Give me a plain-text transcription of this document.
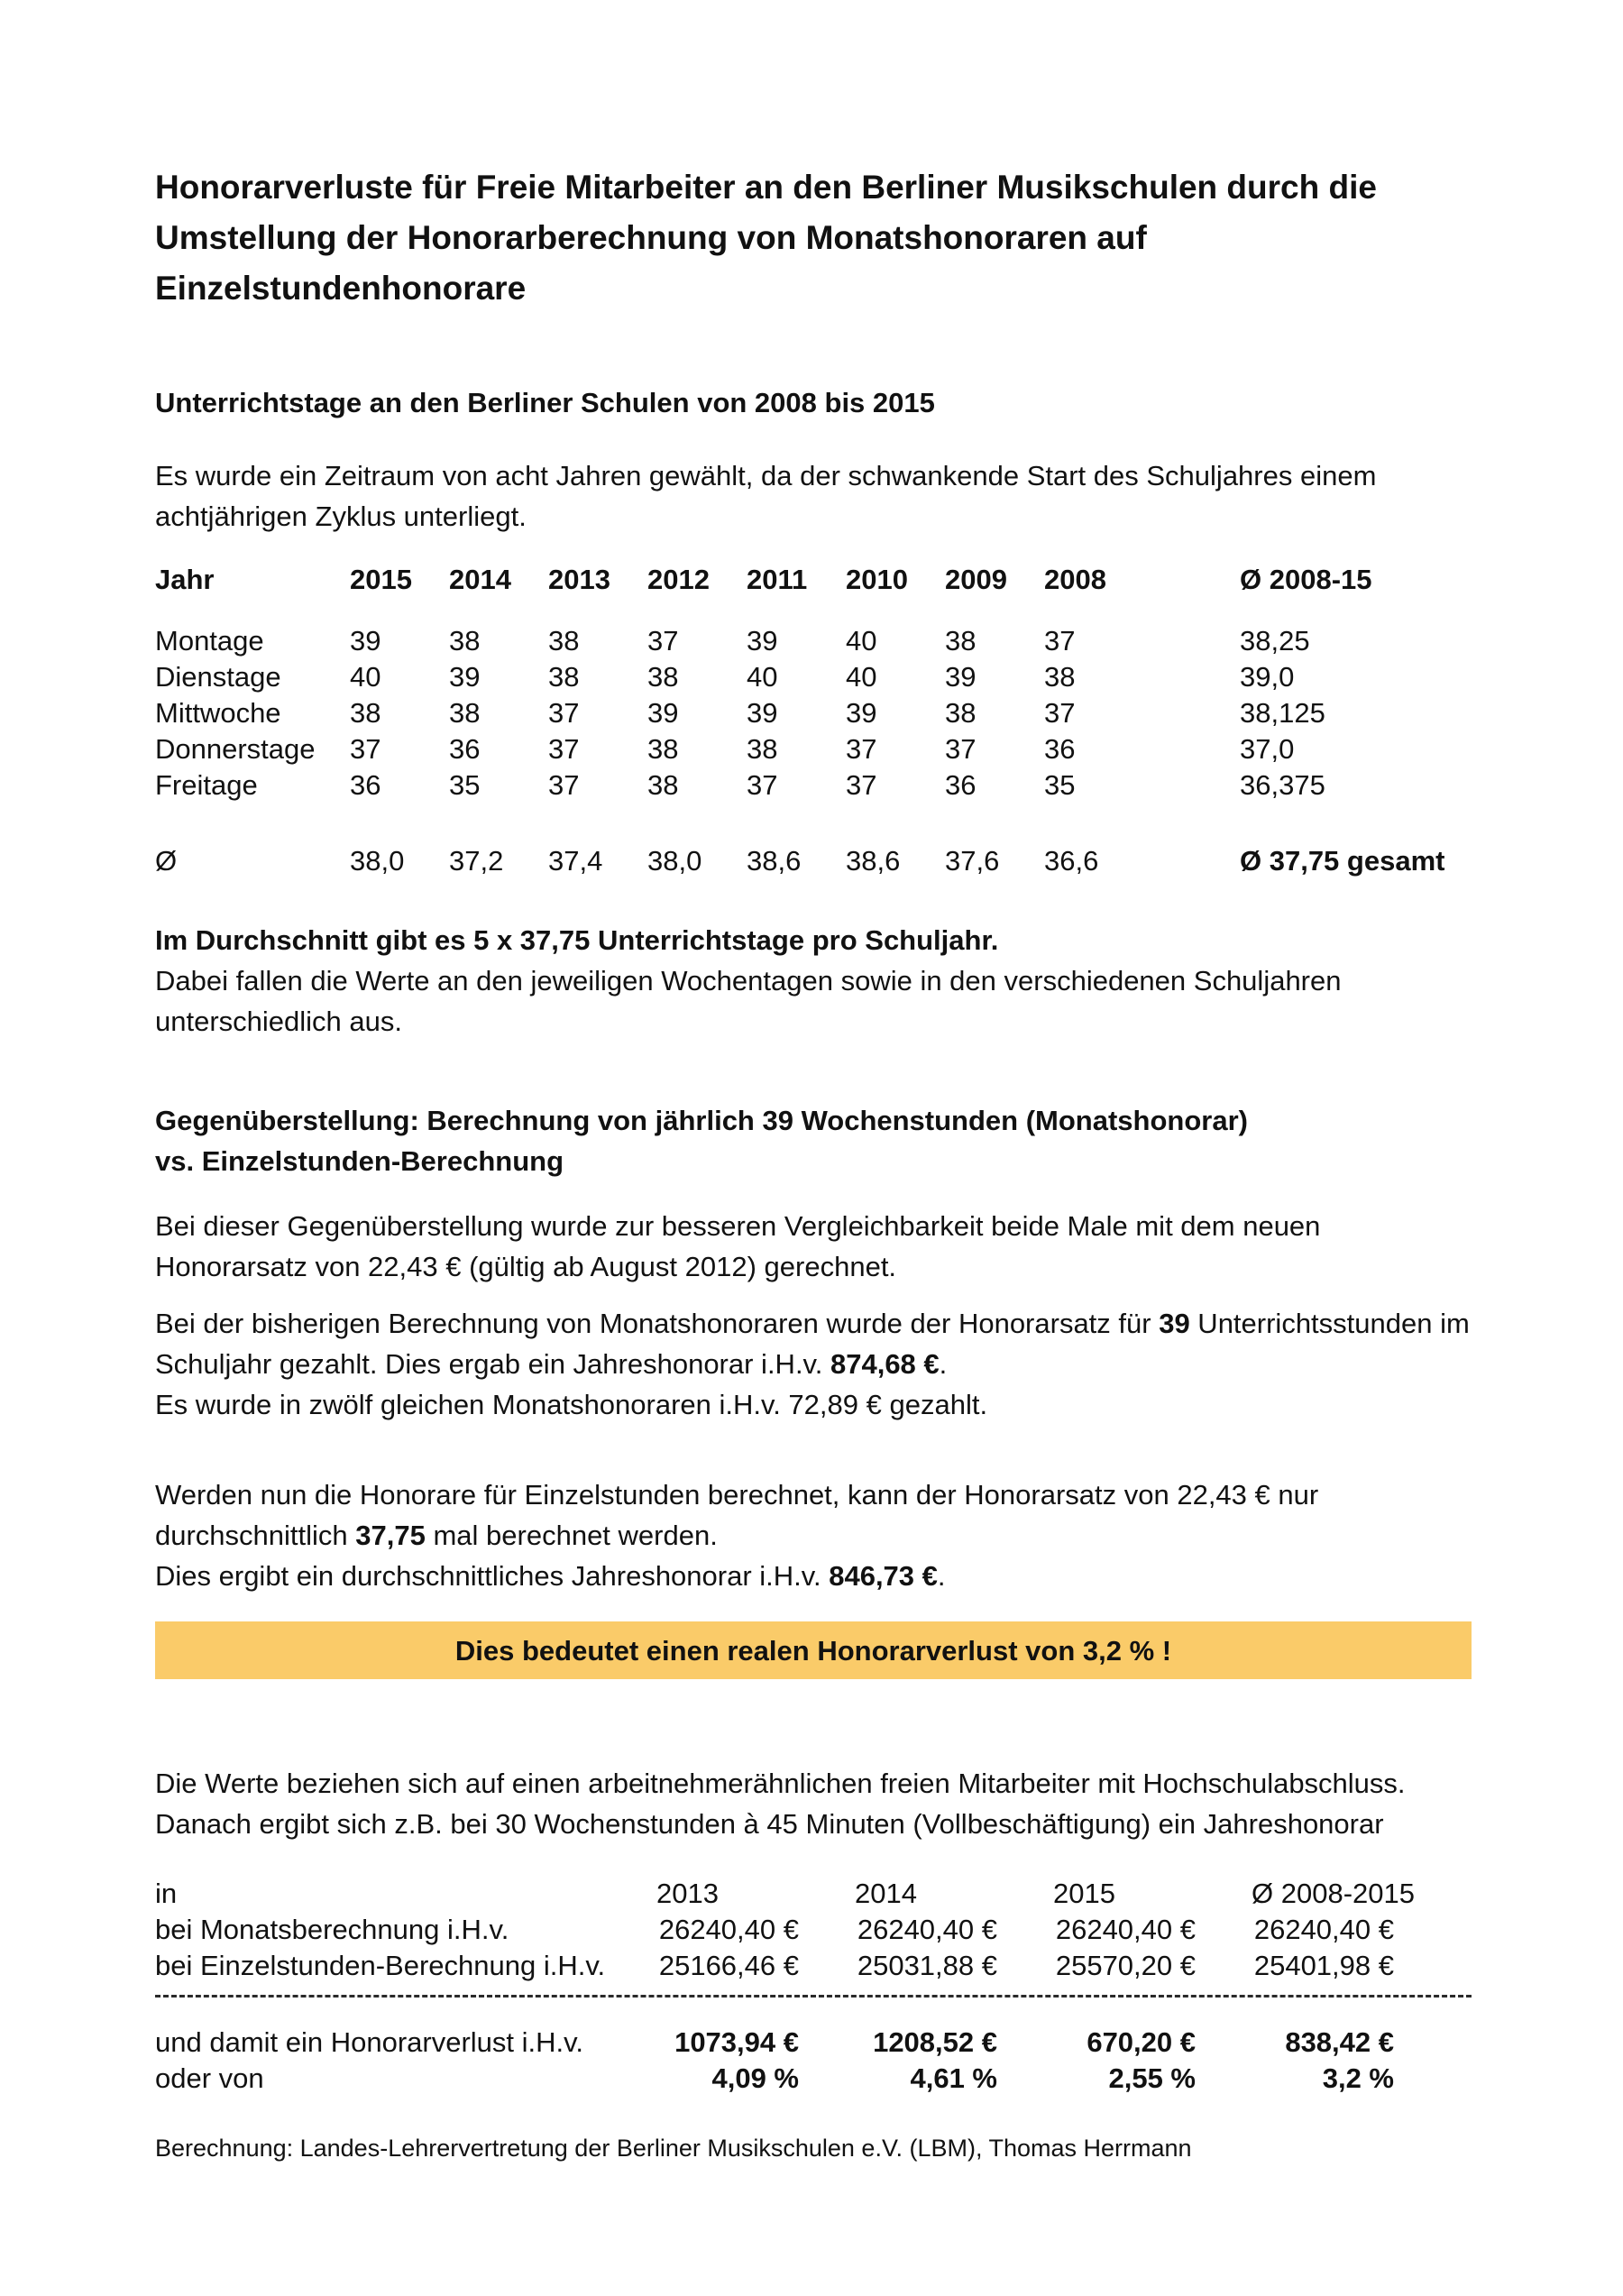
Honorarverluste für Freie Mitarbeiter an den Berliner Musikschulen durch die
Umstellung der Honorarberechnung von Monatshonoraren auf
Einzelstundenhonorare
Unterrichtstage an den Berliner Schulen von 2008 bis 2015
Es wurde ein Zeitraum von acht Jahren gewählt, da der schwankende Start des Schuljahres einem achtjährigen Zyklus unterliegt.
Jahr	2015	2014	2013	2012	2011	2010	2009	2008	Ø 2008-15
Montage	39	38	38	37	39	40	38	37	38,25
Dienstage	40	39	38	38	40	40	39	38	39,0
Mittwoche	38	38	37	39	39	39	38	37	38,125
Donnerstage	37	36	37	38	38	37	37	36	37,0
Freitage	36	35	37	38	37	37	36	35	36,375
Ø	38,0	37,2	37,4	38,0	38,6	38,6	37,6	36,6	Ø 37,75 gesamt
Im Durchschnitt gibt es 5 x 37,75 Unterrichtstage pro Schuljahr.
Dabei fallen die Werte an den jeweiligen Wochentagen sowie in den verschiedenen Schuljahren unterschiedlich aus.
Gegenüberstellung: Berechnung von jährlich 39 Wochenstunden (Monatshonorar)
vs. Einzelstunden-Berechnung
Bei dieser Gegenüberstellung wurde zur besseren Vergleichbarkeit beide Male mit dem neuen Honorarsatz von 22,43 € (gültig ab August 2012) gerechnet.
Bei der bisherigen Berechnung von Monatshonoraren wurde der Honorarsatz für 39 Unterrichtsstunden im Schuljahr gezahlt. Dies ergab ein Jahreshonorar i.H.v. 874,68 €.
Es wurde in zwölf gleichen Monatshonoraren i.H.v. 72,89 € gezahlt.
Werden nun die Honorare für Einzelstunden berechnet, kann der Honorarsatz von 22,43 € nur durchschnittlich 37,75 mal berechnet werden.
Dies ergibt ein durchschnittliches Jahreshonorar i.H.v. 846,73 €.
Dies bedeutet einen realen Honorarverlust von 3,2 % !
Die Werte beziehen sich auf einen arbeitnehmerähnlichen freien Mitarbeiter mit Hochschulabschluss. Danach ergibt sich z.B. bei 30 Wochenstunden à 45 Minuten (Vollbeschäftigung) ein Jahreshonorar
in	2013	2014	2015	Ø 2008-2015
bei Monatsberechnung i.H.v.	26240,40 €	26240,40 €	26240,40 €	26240,40 €
bei Einzelstunden-Berechnung i.H.v.	25166,46 €	25031,88 €	25570,20 €	25401,98 €
und damit ein Honorarverlust i.H.v.	1073,94 €	1208,52 €	670,20 €	838,42 €
oder von	4,09 %	4,61 %	2,55 %	3,2 %
Berechnung: Landes-Lehrervertretung der Berliner Musikschulen e.V. (LBM), Thomas Herrmann
